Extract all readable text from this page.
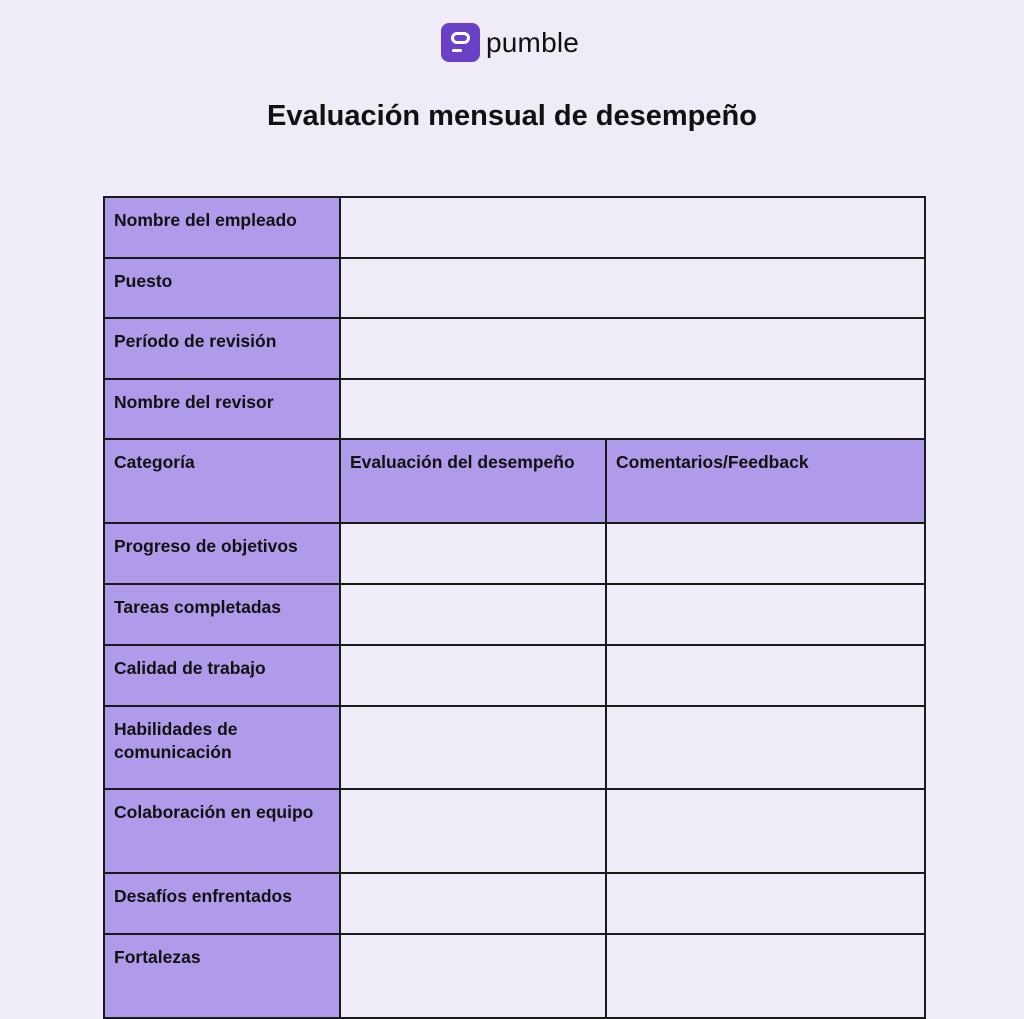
pumble
Evaluación mensual de desempeño
Nombre del empleado		
Puesto		
Período de revisión		
Nombre del revisor		
Categoría	Evaluación del desempeño	Comentarios/Feedback
Progreso de objetivos		
Tareas completadas		
Calidad de trabajo		
Habilidades de comunicación		
Colaboración en equipo		
Desafíos enfrentados		
Fortalezas		
